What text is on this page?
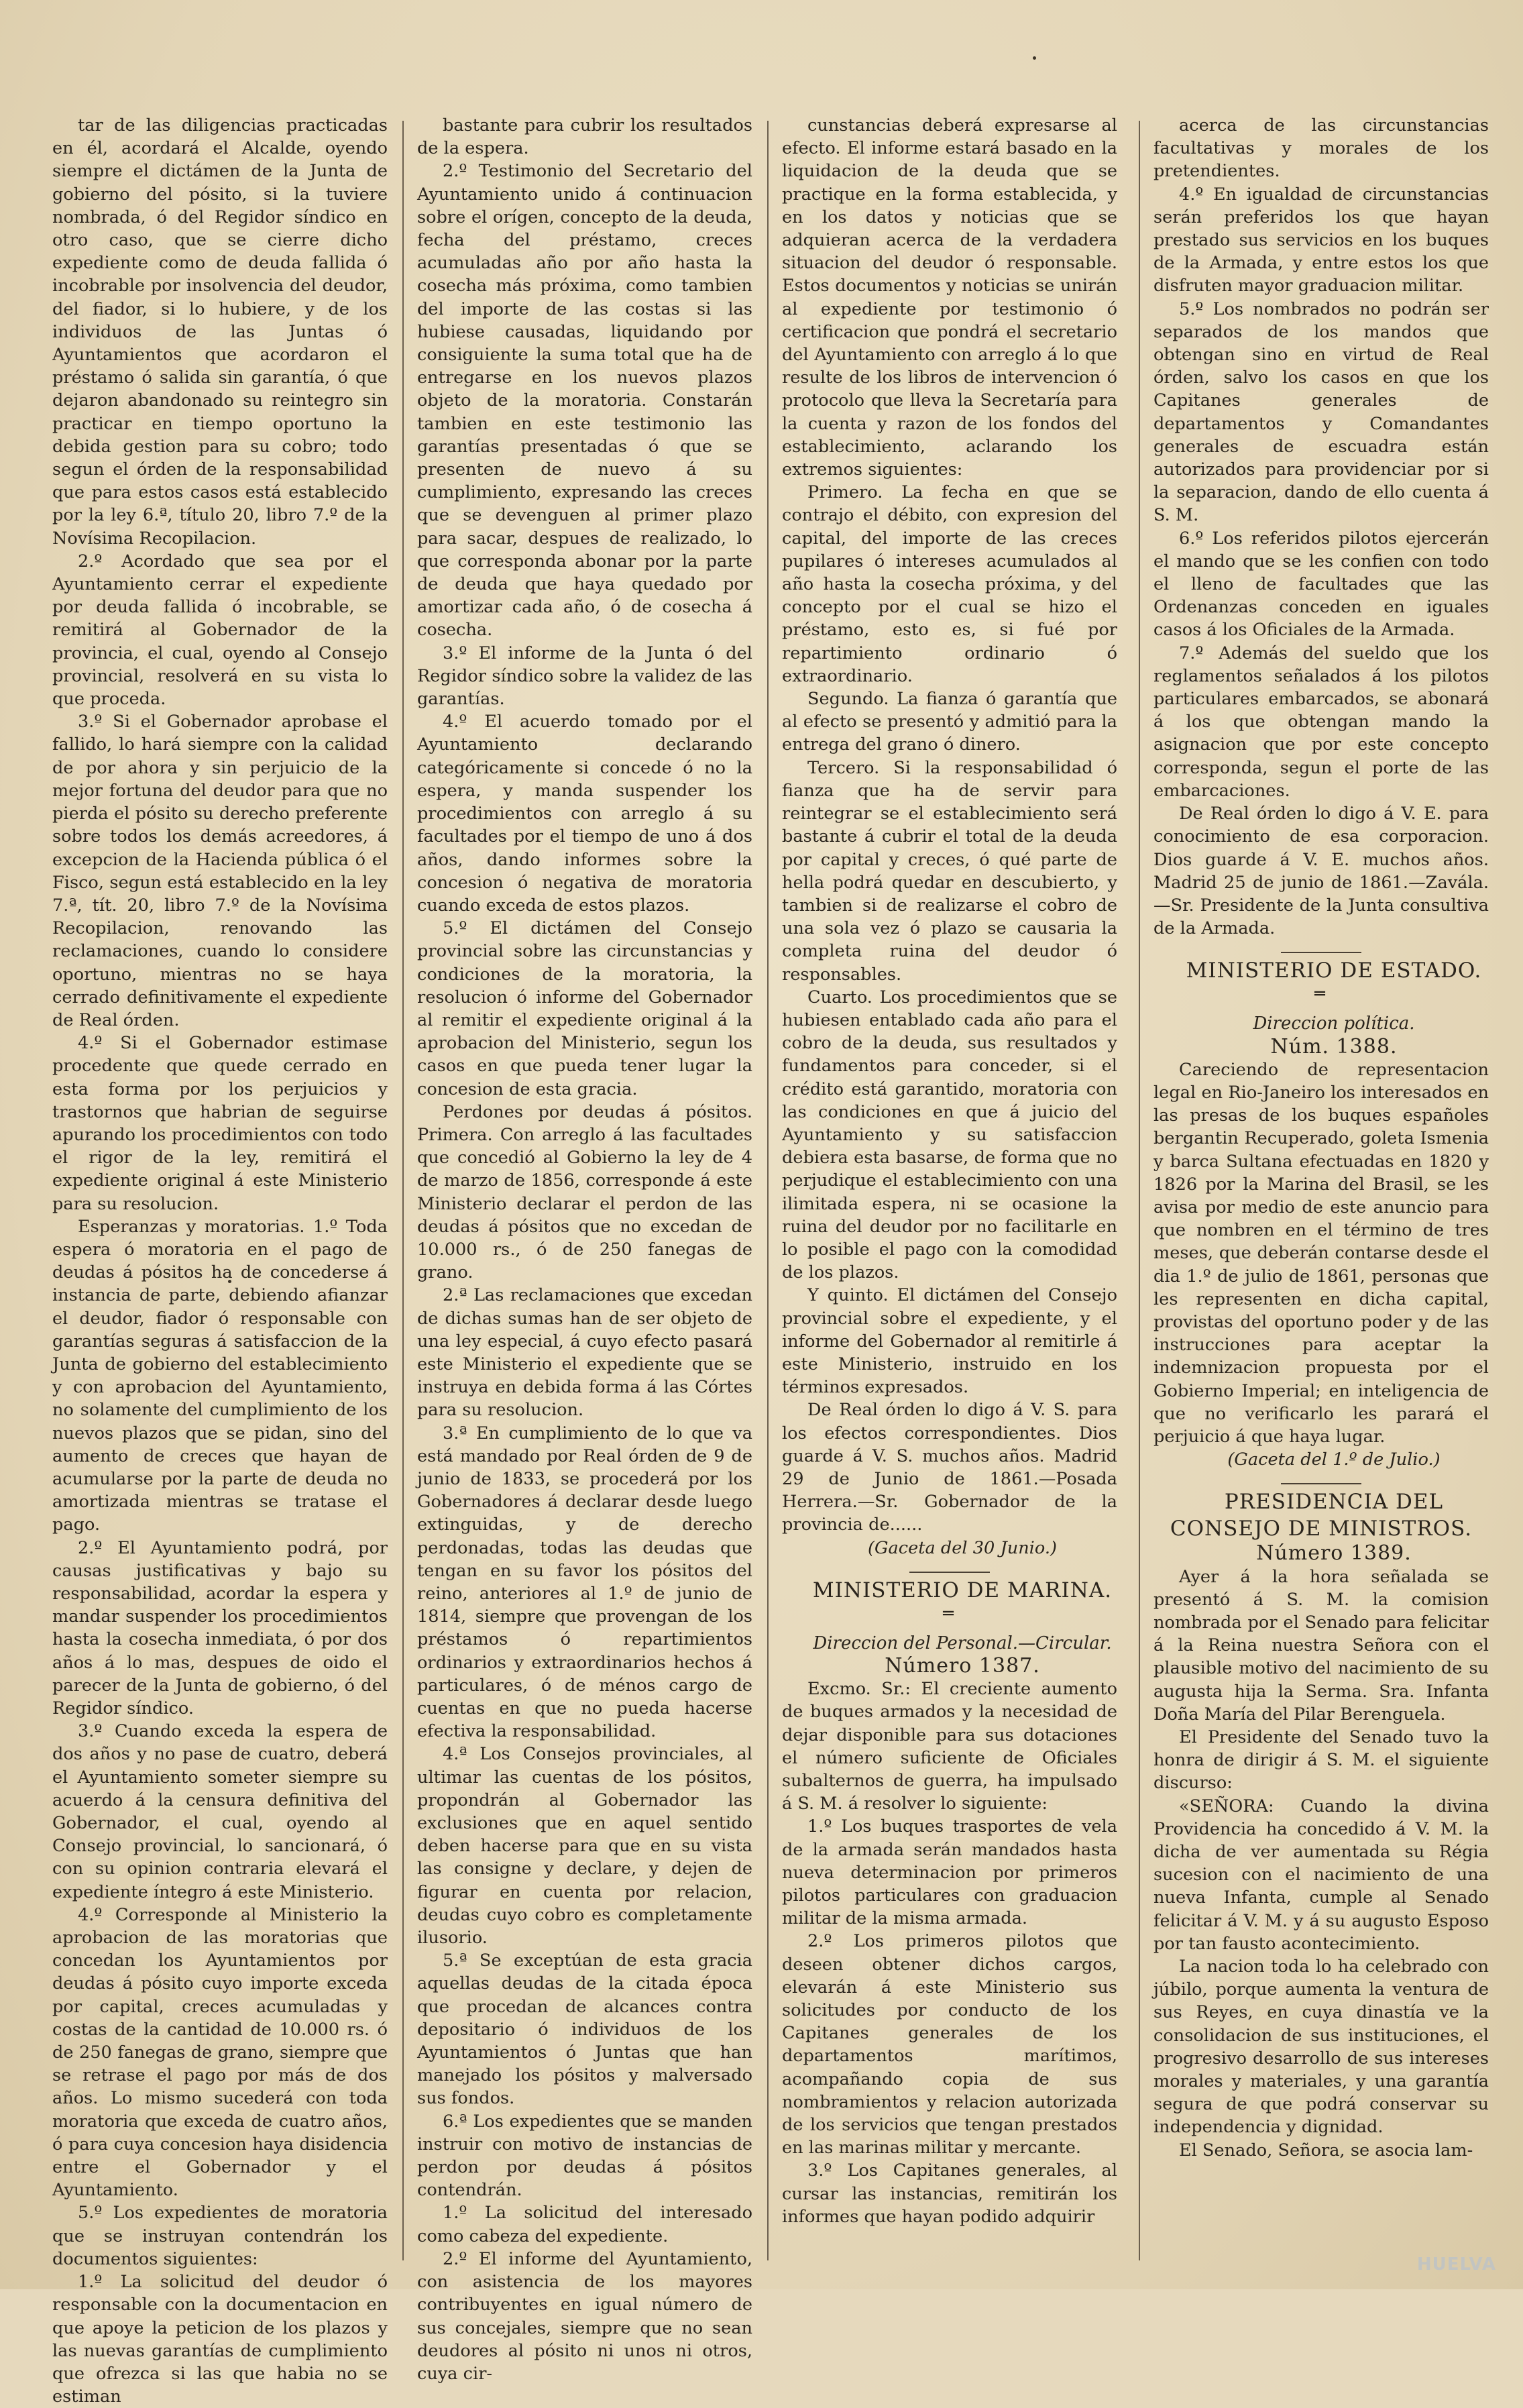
tar de las diligencias practicadas en él, acordará el Alcalde, oyendo siempre el dictámen de la Junta de gobierno del pósito, si la tuviere nombrada, ó del Regidor síndico en otro caso, que se cierre dicho expediente como de deuda fallida ó incobrable por insolvencia del deudor, del fiador, si lo hubiere, y de los individuos de las Juntas ó Ayuntamientos que acordaron el préstamo ó salida sin garantía, ó que dejaron abandonado su reintegro sin practicar en tiempo oportuno la debida gestion para su cobro; todo segun el órden de la responsabilidad que para estos casos está establecido por la ley 6.ª, título 20, libro 7.º de la Novísima Recopilacion.

2.º Acordado que sea por el Ayuntamiento cerrar el expediente por deuda fallida ó incobrable, se remitirá al Gobernador de la provincia, el cual, oyendo al Consejo provincial, resolverá en su vista lo que proceda.

3.º Si el Gobernador aprobase el fallido, lo hará siempre con la calidad de por ahora y sin perjuicio de la mejor fortuna del deudor para que no pierda el pósito su derecho preferente sobre todos los demás acreedores, á excepcion de la Hacienda pública ó el Fisco, segun está establecido en la ley 7.ª, tít. 20, libro 7.º de la Novísima Recopilacion, renovando las reclamaciones, cuando lo considere oportuno, mientras no se haya cerrado definitivamente el expediente de Real órden.

4.º Si el Gobernador estimase procedente que quede cerrado en esta forma por los perjuicios y trastornos que habrian de seguirse apurando los procedimientos con todo el rigor de la ley, remitirá el expediente original á este Ministerio para su resolucion.

Esperanzas y moratorias. 1.º Toda espera ó moratoria en el pago de deudas á pósitos ha de concederse á instancia de parte, debiendo afianzar el deudor, fiador ó responsable con garantías seguras á satisfaccion de la Junta de gobierno del establecimiento y con aprobacion del Ayuntamiento, no solamente del cumplimiento de los nuevos plazos que se pidan, sino del aumento de creces que hayan de acumularse por la parte de deuda no amortizada mientras se tratase el pago.

2.º El Ayuntamiento podrá, por causas justificativas y bajo su responsabilidad, acordar la espera y mandar suspender los procedimientos hasta la cosecha inmediata, ó por dos años á lo mas, despues de oido el parecer de la Junta de gobierno, ó del Regidor síndico.

3.º Cuando exceda la espera de dos años y no pase de cuatro, deberá el Ayuntamiento someter siempre su acuerdo á la censura definitiva del Gobernador, el cual, oyendo al Consejo provincial, lo sancionará, ó con su opinion contraria elevará el expediente íntegro á este Ministerio.

4.º Corresponde al Ministerio la aprobacion de las moratorias que concedan los Ayuntamientos por deudas á pósito cuyo importe exceda por capital, creces acumuladas y costas de la cantidad de 10.000 rs. ó de 250 fanegas de grano, siempre que se retrase el pago por más de dos años. Lo mismo sucederá con toda moratoria que exceda de cuatro años, ó para cuya concesion haya disidencia entre el Gobernador y el Ayuntamiento.

5.º Los expedientes de moratoria que se instruyan contendrán los documentos siguientes:

1.º La solicitud del deudor ó responsable con la documentacion en que apoye la peticion de los plazos y las nuevas garantías de cumplimiento que ofrezca si las que habia no se estiman

bastante para cubrir los resultados de la espera.

2.º Testimonio del Secretario del Ayuntamiento unido á continuacion sobre el orígen, concepto de la deuda, fecha del préstamo, creces acumuladas año por año hasta la cosecha más próxima, como tambien del importe de las costas si las hubiese causadas, liquidando por consiguiente la suma total que ha de entregarse en los nuevos plazos objeto de la moratoria. Constarán tambien en este testimonio las garantías presentadas ó que se presenten de nuevo á su cumplimiento, expresando las creces que se devenguen al primer plazo para sacar, despues de realizado, lo que corresponda abonar por la parte de deuda que haya quedado por amortizar cada año, ó de cosecha á cosecha.

3.º El informe de la Junta ó del Regidor síndico sobre la validez de las garantías.

4.º El acuerdo tomado por el Ayuntamiento declarando categóricamente si concede ó no la espera, y manda suspender los procedimientos con arreglo á su facultades por el tiempo de uno á dos años, dando informes sobre la concesion ó negativa de moratoria cuando exceda de estos plazos.

5.º El dictámen del Consejo provincial sobre las circunstancias y condiciones de la moratoria, la resolucion ó informe del Gobernador al remitir el expediente original á la aprobacion del Ministerio, segun los casos en que pueda tener lugar la concesion de esta gracia.

Perdones por deudas á pósitos. Primera. Con arreglo á las facultades que concedió al Gobierno la ley de 4 de marzo de 1856, corresponde á este Ministerio declarar el perdon de las deudas á pósitos que no excedan de 10.000 rs., ó de 250 fanegas de grano.

2.ª Las reclamaciones que excedan de dichas sumas han de ser objeto de una ley especial, á cuyo efecto pasará este Ministerio el expediente que se instruya en debida forma á las Córtes para su resolucion.

3.ª En cumplimiento de lo que va está mandado por Real órden de 9 de junio de 1833, se procederá por los Gobernadores á declarar desde luego extinguidas, y de derecho perdonadas, todas las deudas que tengan en su favor los pósitos del reino, anteriores al 1.º de junio de 1814, siempre que provengan de los préstamos ó repartimientos ordinarios y extraordinarios hechos á particulares, ó de ménos cargo de cuentas en que no pueda hacerse efectiva la responsabilidad.

4.ª Los Consejos provinciales, al ultimar las cuentas de los pósitos, propondrán al Gobernador las exclusiones que en aquel sentido deben hacerse para que en su vista las consigne y declare, y dejen de figurar en cuenta por relacion, deudas cuyo cobro es completamente ilusorio.

5.ª Se exceptúan de esta gracia aquellas deudas de la citada época que procedan de alcances contra depositario ó individuos de los Ayuntamientos ó Juntas que han manejado los pósitos y malversado sus fondos.

6.ª Los expedientes que se manden instruir con motivo de instancias de perdon por deudas á pósitos contendrán.

1.º La solicitud del interesado como cabeza del expediente.

2.º El informe del Ayuntamiento, con asistencia de los mayores contribuyentes en igual número de sus concejales, siempre que no sean deudores al pósito ni unos ni otros, cuya cir-

cunstancias deberá expresarse al efecto. El informe estará basado en la liquidacion de la deuda que se practique en la forma establecida, y en los datos y noticias que se adquieran acerca de la verdadera situacion del deudor ó responsable. Estos documentos y noticias se unirán al expediente por testimonio ó certificacion que pondrá el secretario del Ayuntamiento con arreglo á lo que resulte de los libros de intervencion ó protocolo que lleva la Secretaría para la cuenta y razon de los fondos del establecimiento, aclarando los extremos siguientes:

Primero. La fecha en que se contrajo el débito, con expresion del capital, del importe de las creces pupilares ó intereses acumulados al año hasta la cosecha próxima, y del concepto por el cual se hizo el préstamo, esto es, si fué por repartimiento ordinario ó extraordinario.

Segundo. La fianza ó garantía que al efecto se presentó y admitió para la entrega del grano ó dinero.

Tercero. Si la responsabilidad ó fianza que ha de servir para reintegrar se el establecimiento será bastante á cubrir el total de la deuda por capital y creces, ó qué parte de hella podrá quedar en descubierto, y tambien si de realizarse el cobro de una sola vez ó plazo se causaria la completa ruina del deudor ó responsables.

Cuarto. Los procedimientos que se hubiesen entablado cada año para el cobro de la deuda, sus resultados y fundamentos para conceder, si el crédito está garantido, moratoria con las condiciones en que á juicio del Ayuntamiento y su satisfaccion debiera esta basarse, de forma que no perjudique el establecimiento con una ilimitada espera, ni se ocasione la ruina del deudor por no facilitarle en lo posible el pago con la comodidad de los plazos.

Y quinto. El dictámen del Consejo provincial sobre el expediente, y el informe del Gobernador al remitirle á este Ministerio, instruido en los términos expresados.

De Real órden lo digo á V. S. para los efectos correspondientes. Dios guarde á V. S. muchos años. Madrid 29 de Junio de 1861.—Posada Herrera.—Sr. Gobernador de la provincia de......

(Gaceta del 30 Junio.)

MINISTERIO DE MARINA.

═

Direccion del Personal.—Circular.

Número 1387.

Excmo. Sr.: El creciente aumento de buques armados y la necesidad de dejar disponible para sus dotaciones el número suficiente de Oficiales subalternos de guerra, ha impulsado á S. M. á resolver lo siguiente:

1.º Los buques trasportes de vela de la armada serán mandados hasta nueva determinacion por primeros pilotos particulares con graduacion militar de la misma armada.

2.º Los primeros pilotos que deseen obtener dichos cargos, elevarán á este Ministerio sus solicitudes por conducto de los Capitanes generales de los departamentos marítimos, acompañando copia de sus nombramientos y relacion autorizada de los servicios que tengan prestados en las marinas militar y mercante.

3.º Los Capitanes generales, al cursar las instancias, remitirán los informes que hayan podido adquirir

acerca de las circunstancias facultativas y morales de los pretendientes.

4.º En igualdad de circunstancias serán preferidos los que hayan prestado sus servicios en los buques de la Armada, y entre estos los que disfruten mayor graduacion militar.

5.º Los nombrados no podrán ser separados de los mandos que obtengan sino en virtud de Real órden, salvo los casos en que los Capitanes generales de departamentos y Comandantes generales de escuadra están autorizados para providenciar por si la separacion, dando de ello cuenta á S. M.

6.º Los referidos pilotos ejercerán el mando que se les confien con todo el lleno de facultades que las Ordenanzas conceden en iguales casos á los Oficiales de la Armada.

7.º Además del sueldo que los reglamentos señalados á los pilotos particulares embarcados, se abonará á los que obtengan mando la asignacion que por este concepto corresponda, segun el porte de las embarcaciones.

De Real órden lo digo á V. E. para conocimiento de esa corporacion. Dios guarde á V. E. muchos años. Madrid 25 de junio de 1861.—Zavála.—Sr. Presidente de la Junta consultiva de la Armada.

MINISTERIO DE ESTADO.

═

Direccion política.

Núm. 1388.

Careciendo de representacion legal en Rio-Janeiro los interesados en las presas de los buques españoles bergantin Recuperado, goleta Ismenia y barca Sultana efectuadas en 1820 y 1826 por la Marina del Brasil, se les avisa por medio de este anuncio para que nombren en el término de tres meses, que deberán contarse desde el dia 1.º de julio de 1861, personas que les representen en dicha capital, provistas del oportuno poder y de las instrucciones para aceptar la indemnizacion propuesta por el Gobierno Imperial; en inteligencia de que no verificarlo les parará el perjuicio á que haya lugar.

(Gaceta del 1.º de Julio.)

PRESIDENCIA DEL CONSEJO DE MINISTROS.

Número 1389.

Ayer á la hora señalada se presentó á S. M. la comision nombrada por el Senado para felicitar á la Reina nuestra Señora con el plausible motivo del nacimiento de su augusta hija la Serma. Sra. Infanta Doña María del Pilar Berenguela.

El Presidente del Senado tuvo la honra de dirigir á S. M. el siguiente discurso:

«SEÑORA: Cuando la divina Providencia ha concedido á V. M. la dicha de ver aumentada su Régia sucesion con el nacimiento de una nueva Infanta, cumple al Senado felicitar á V. M. y á su augusto Esposo por tan fausto acontecimiento.

La nacion toda lo ha celebrado con júbilo, porque aumenta la ventura de sus Reyes, en cuya dinastía ve la consolidacion de sus instituciones, el progresivo desarrollo de sus intereses morales y materiales, y una garantía segura de que podrá conservar su independencia y dignidad.

El Senado, Señora, se asocia lam-

HUELVA
